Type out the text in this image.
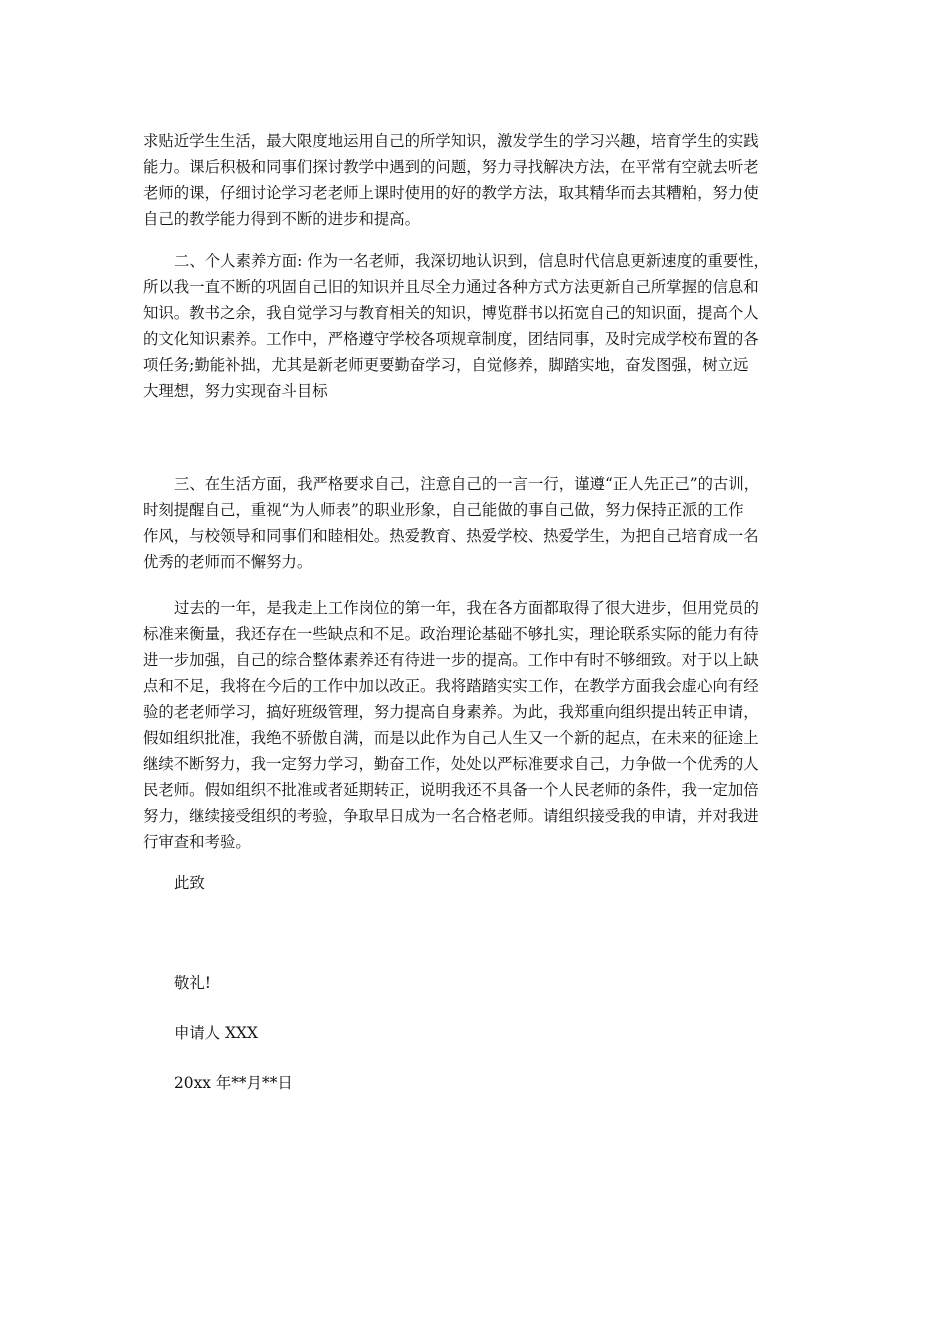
求贴近学生生活，最大限度地运用自己的所学知识，激发学生的学习兴趣，培育学生的实践
能力。课后积极和同事们探讨教学中遇到的问题，努力寻找解决方法，在平常有空就去听老
老师的课，仔细讨论学习老老师上课时使用的好的教学方法，取其精华而去其糟粕，努力使
自己的教学能力得到不断的进步和提高。
二、个人素养方面: 作为一名老师，我深切地认识到，信息时代信息更新速度的重要性，
所以我一直不断的巩固自己旧的知识并且尽全力通过各种方式方法更新自己所掌握的信息和
知识。教书之余，我自觉学习与教育相关的知识，博览群书以拓宽自己的知识面，提高个人
的文化知识素养。工作中，严格遵守学校各项规章制度，团结同事，及时完成学校布置的各
项任务;勤能补拙，尤其是新老师更要勤奋学习，自觉修养，脚踏实地，奋发图强，树立远
大理想，努力实现奋斗目标
三、在生活方面，我严格要求自己，注意自己的一言一行，谨遵“正人先正己”的古训，
时刻提醒自己，重视“为人师表”的职业形象，自己能做的事自己做，努力保持正派的工作
作风，与校领导和同事们和睦相处。热爱教育、热爱学校、热爱学生，为把自己培育成一名
优秀的老师而不懈努力。
过去的一年，是我走上工作岗位的第一年，我在各方面都取得了很大进步，但用党员的
标准来衡量，我还存在一些缺点和不足。政治理论基础不够扎实，理论联系实际的能力有待
进一步加强，自己的综合整体素养还有待进一步的提高。工作中有时不够细致。对于以上缺
点和不足，我将在今后的工作中加以改正。我将踏踏实实工作，在教学方面我会虚心向有经
验的老老师学习，搞好班级管理，努力提高自身素养。为此，我郑重向组织提出转正申请，
假如组织批准，我绝不骄傲自满，而是以此作为自己人生又一个新的起点，在未来的征途上
继续不断努力，我一定努力学习，勤奋工作，处处以严标准要求自己，力争做一个优秀的人
民老师。假如组织不批准或者延期转正，说明我还不具备一个人民老师的条件，我一定加倍
努力，继续接受组织的考验，争取早日成为一名合格老师。请组织接受我的申请，并对我进
行审查和考验。
此致
敬礼!
申请人 XXX
20xx 年**月**日
